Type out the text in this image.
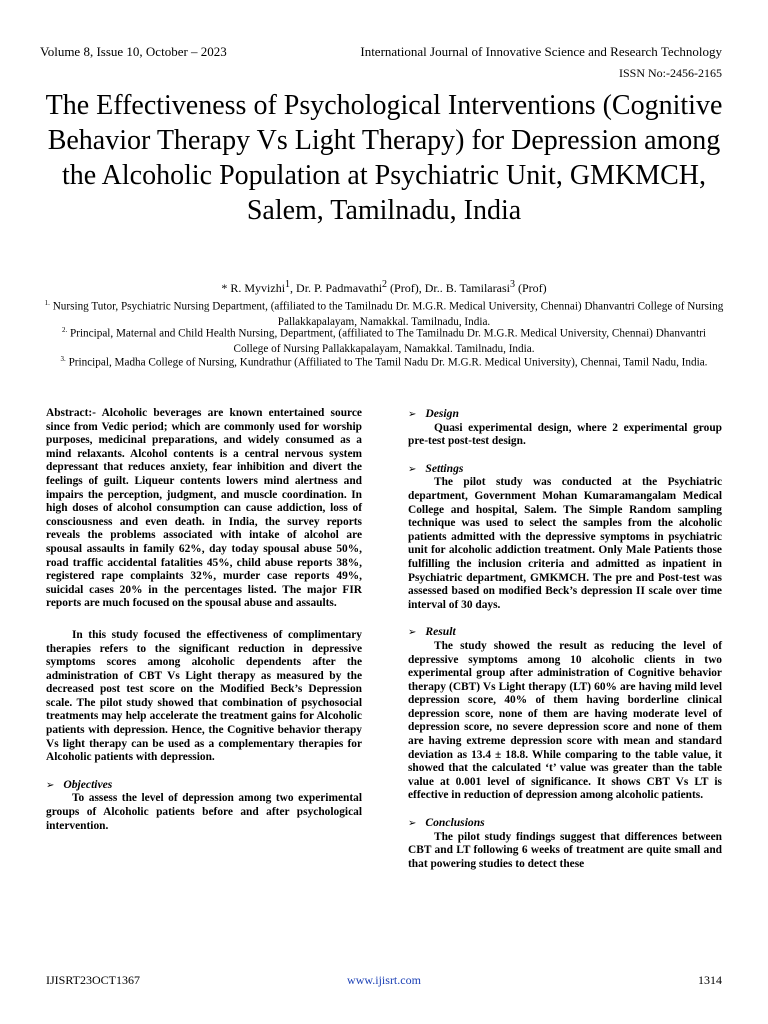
Volume 8, Issue 10, October – 2023	International Journal of Innovative Science and Research Technology
ISSN No:-2456-2165
The Effectiveness of Psychological Interventions (Cognitive Behavior Therapy Vs Light Therapy) for Depression among the Alcoholic Population at Psychiatric Unit, GMKMCH, Salem, Tamilnadu, India
* R. Myvizhi$^1$, Dr. P. Padmavathi$^2$ (Prof), Dr.. B. Tamilarasi$^3$ (Prof)
$^{1.}$ Nursing Tutor, Psychiatric Nursing Department, (affiliated to the Tamilnadu Dr. M.G.R. Medical University, Chennai) Dhanvantri College of Nursing Pallakkapalayam, Namakkal. Tamilnadu, India.
$^{2.}$ Principal, Maternal and Child Health Nursing, Department, (affiliated to The Tamilnadu Dr. M.G.R. Medical University, Chennai) Dhanvantri College of Nursing Pallakkapalayam, Namakkal. Tamilnadu, India.
$^{3.}$ Principal, Madha College of Nursing, Kundrathur (Affiliated to The Tamil Nadu Dr. M.G.R. Medical University), Chennai, Tamil Nadu, India.

Abstract:- Alcoholic beverages are known entertained source since from Vedic period; which are commonly used for worship purposes, medicinal preparations, and widely consumed as a mind relaxants. Alcohol contents is a central nervous system depressant that reduces anxiety, fear inhibition and divert the feelings of guilt. Liqueur contents lowers mind alertness and impairs the perception, judgment, and muscle coordination. In high doses of alcohol consumption can cause addiction, loss of consciousness and even death. in India, the survey reports reveals the problems associated with intake of alcohol are spousal assaults in family 62%, day today spousal abuse 50%, road traffic accidental fatalities 45%, child abuse reports 38%, registered rape complaints 32%, murder case reports 49%, suicidal cases 20% in the percentages listed. The major FIR reports are much focused on the spousal abuse and assaults.

In this study focused the effectiveness of complimentary therapies refers to the significant reduction in depressive symptoms scores among alcoholic dependents after the administration of CBT Vs Light therapy as measured by the decreased post test score on the Modified Beck’s Depression scale. The pilot study showed that combination of psychosocial treatments may help accelerate the treatment gains for Alcoholic patients with depression. Hence, the Cognitive behavior therapy Vs light therapy can be used as a complementary therapies for Alcoholic patients with depression.

➢ Objectives

To assess the level of depression among two experimental groups of Alcoholic patients before and after psychological intervention.

➢ Design

Quasi experimental design, where 2 experimental group pre-test post-test design.

➢ Settings

The pilot study was conducted at the Psychiatric department, Government Mohan Kumaramangalam Medical College and hospital, Salem. The Simple Random sampling technique was used to select the samples from the alcoholic patients admitted with the depressive symptoms in psychiatric unit for alcoholic addiction treatment. Only Male Patients those fulfilling the inclusion criteria and admitted as inpatient in Psychiatric department, GMKMCH. The pre and Post-test was assessed based on modified Beck’s depression II scale over time interval of 30 days.

➢ Result

The study showed the result as reducing the level of depressive symptoms among 10 alcoholic clients in two experimental group after administration of Cognitive behavior therapy (CBT) Vs Light therapy (LT) 60% are having mild level depression score, 40% of them having borderline clinical depression score, none of them are having moderate level of depression score, no severe depression score and none of them are having extreme depression score with mean and standard deviation as 13.4 ± 18.8. While comparing to the table value, it showed that the calculated ‘t’ value was greater than the table value at 0.001 level of significance. It shows CBT Vs LT is effective in reduction of depression among alcoholic patients.

➢ Conclusions

The pilot study findings suggest that differences between CBT and LT following 6 weeks of treatment are quite small and that powering studies to detect these

IJISRT23OCT1367	www.ijisrt.com	1314
